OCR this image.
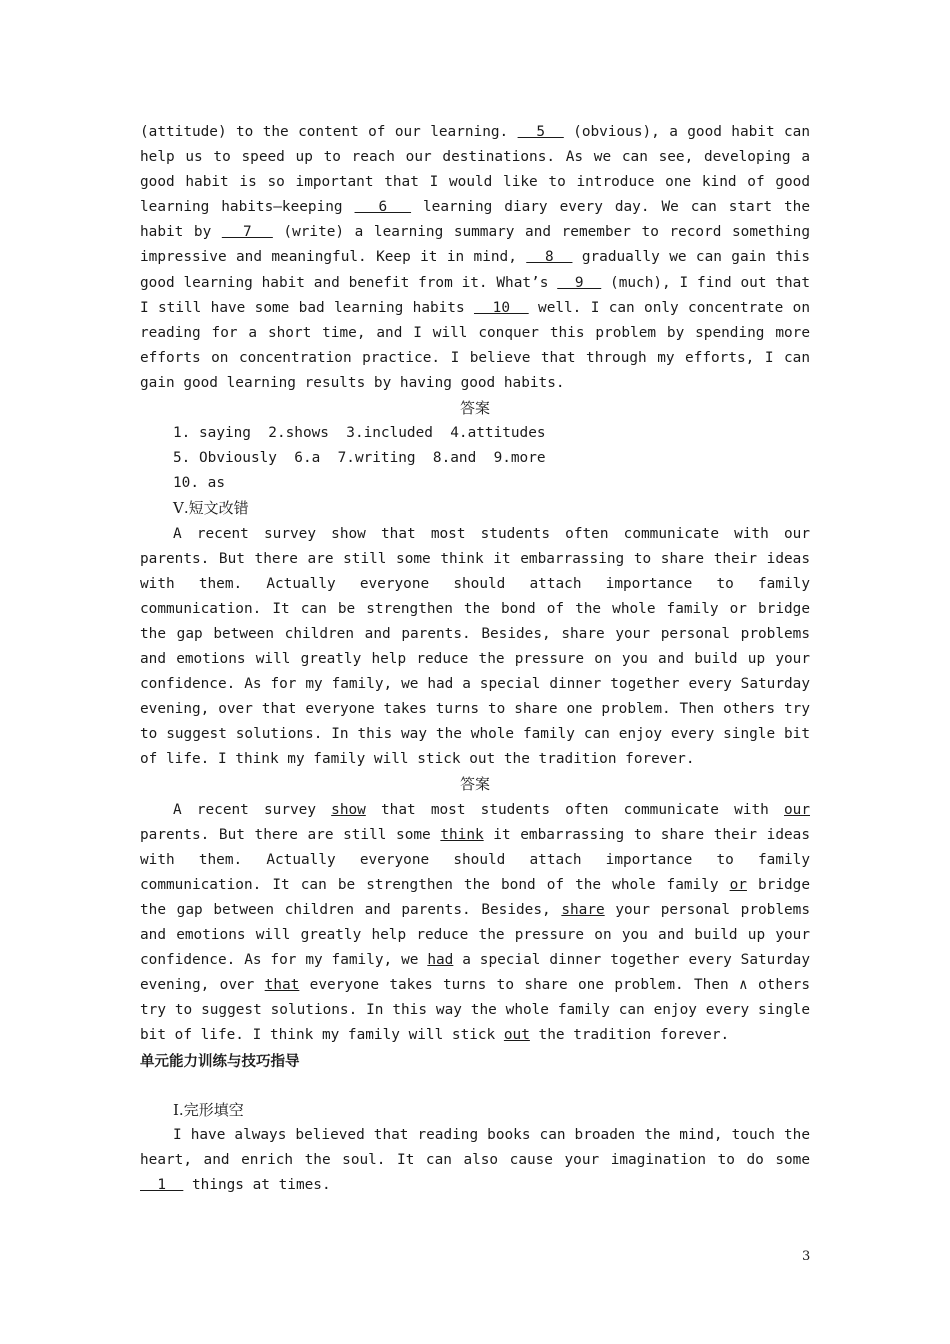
(attitude) to the content of our learning.   5   (obvious), a good habit can help us to speed up to reach our destinations. As we can see, developing a good habit is so important that I would like to introduce one kind of good learning habits—keeping   6   learning diary every day. We can start the habit by   7   (write) a learning summary and remember to record something impressive and meaningful. Keep it in mind,   8   gradually we can gain this good learning habit and benefit from it. What’s   9   (much), I find out that I still have some bad learning habits   10   well. I can only concentrate on reading for a short time, and I will conquer this problem by spending more efforts on concentration practice. I believe that through my efforts, I can gain good learning results by having good habits.

答案

1. saying  2.shows  3.included  4.attitudes
5. Obviously  6.a  7.writing  8.and  9.more
10. as

Ⅴ.短文改错

A recent survey show that most students often communicate with our parents. But there are still some think it embarrassing to share their ideas with them. Actually everyone should attach importance to family communication. It can be strengthen the bond of the whole family or bridge the gap between children and parents. Besides, share your personal problems and emotions will greatly help reduce the pressure on you and build up your confidence. As for my family, we had a special dinner together every Saturday evening, over that everyone takes turns to share one problem. Then others try to suggest solutions. In this way the whole family can enjoy every single bit of life. I think my family will stick out the tradition forever.

答案

A recent survey show that most students often communicate with our parents. But there are still some think it embarrassing to share their ideas with them. Actually everyone should attach importance to family communication. It can be strengthen the bond of the whole family or bridge the gap between children and parents. Besides, share your personal problems and emotions will greatly help reduce the pressure on you and build up your confidence. As for my family, we had a special dinner together every Saturday evening, over that everyone takes turns to share one problem. Then ∧ others try to suggest solutions. In this way the whole family can enjoy every single bit of life. I think my family will stick out the tradition forever.

单元能力训练与技巧指导

Ⅰ.完形填空

I have always believed that reading books can broaden the mind, touch the heart, and enrich the soul. It can also cause your imagination to do some   1   things at times.

3
